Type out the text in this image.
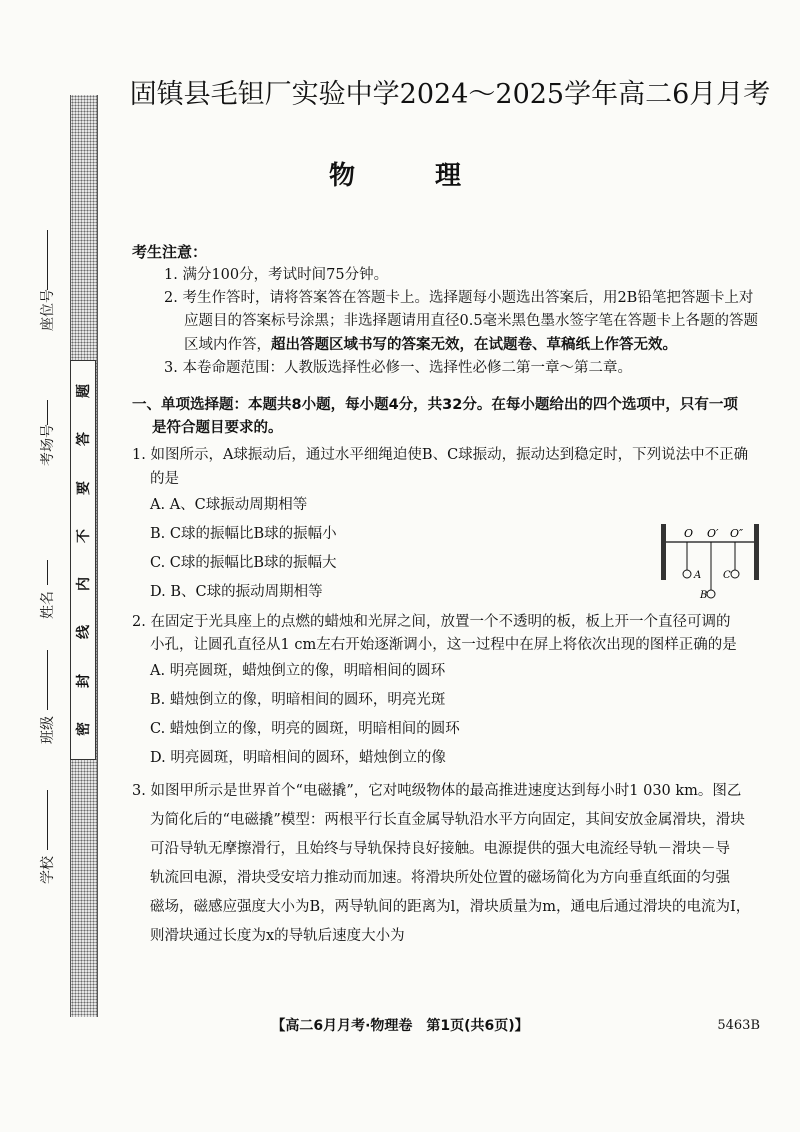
题
答
要
不
内
线
封
密
座位号
考场号
姓名
班级
学校
固镇县毛钽厂实验中学2024～2025学年高二6月月考
物	理
考生注意：
1. 满分100分，考试时间75分钟。
2. 考生作答时，请将答案答在答题卡上。选择题每小题选出答案后，用2B铅笔把答题卡上对
应题目的答案标号涂黑；非选择题请用直径0.5毫米黑色墨水签字笔在答题卡上各题的答题
区域内作答，超出答题区域书写的答案无效，在试题卷、草稿纸上作答无效。
3. 本卷命题范围：人教版选择性必修一、选择性必修二第一章～第二章。
一、单项选择题：本题共8小题，每小题4分，共32分。在每小题给出的四个选项中，只有一项
是符合题目要求的。
1. 如图所示，A球振动后，通过水平细绳迫使B、C球振动，振动达到稳定时，下列说法中不正确
的是
A. A、C球振动周期相等
B. C球的振幅比B球的振幅小
C. C球的振幅比B球的振幅大
D. B、C球的振动周期相等
2. 在固定于光具座上的点燃的蜡烛和光屏之间，放置一个不透明的板，板上开一个直径可调的
小孔，让圆孔直径从1 cm左右开始逐渐调小，这一过程中在屏上将依次出现的图样正确的是
A. 明亮圆斑，蜡烛倒立的像，明暗相间的圆环
B. 蜡烛倒立的像，明暗相间的圆环，明亮光斑
C. 蜡烛倒立的像，明亮的圆斑，明暗相间的圆环
D. 明亮圆斑，明暗相间的圆环，蜡烛倒立的像
3. 如图甲所示是世界首个“电磁撬”，它对吨级物体的最高推进速度达到每小时1 030 km。图乙
为简化后的“电磁撬”模型：两根平行长直金属导轨沿水平方向固定，其间安放金属滑块，滑块
可沿导轨无摩擦滑行，且始终与导轨保持良好接触。电源提供的强大电流经导轨－滑块－导
轨流回电源，滑块受安培力推动而加速。将滑块所处位置的磁场简化为方向垂直纸面的匀强
磁场，磁感应强度大小为B，两导轨间的距离为l，滑块质量为m，通电后通过滑块的电流为I，
则滑块通过长度为x的导轨后速度大小为
O O′ O″
A
B
C
【高二6月月考·物理卷　第1页(共6页)】	5463B
